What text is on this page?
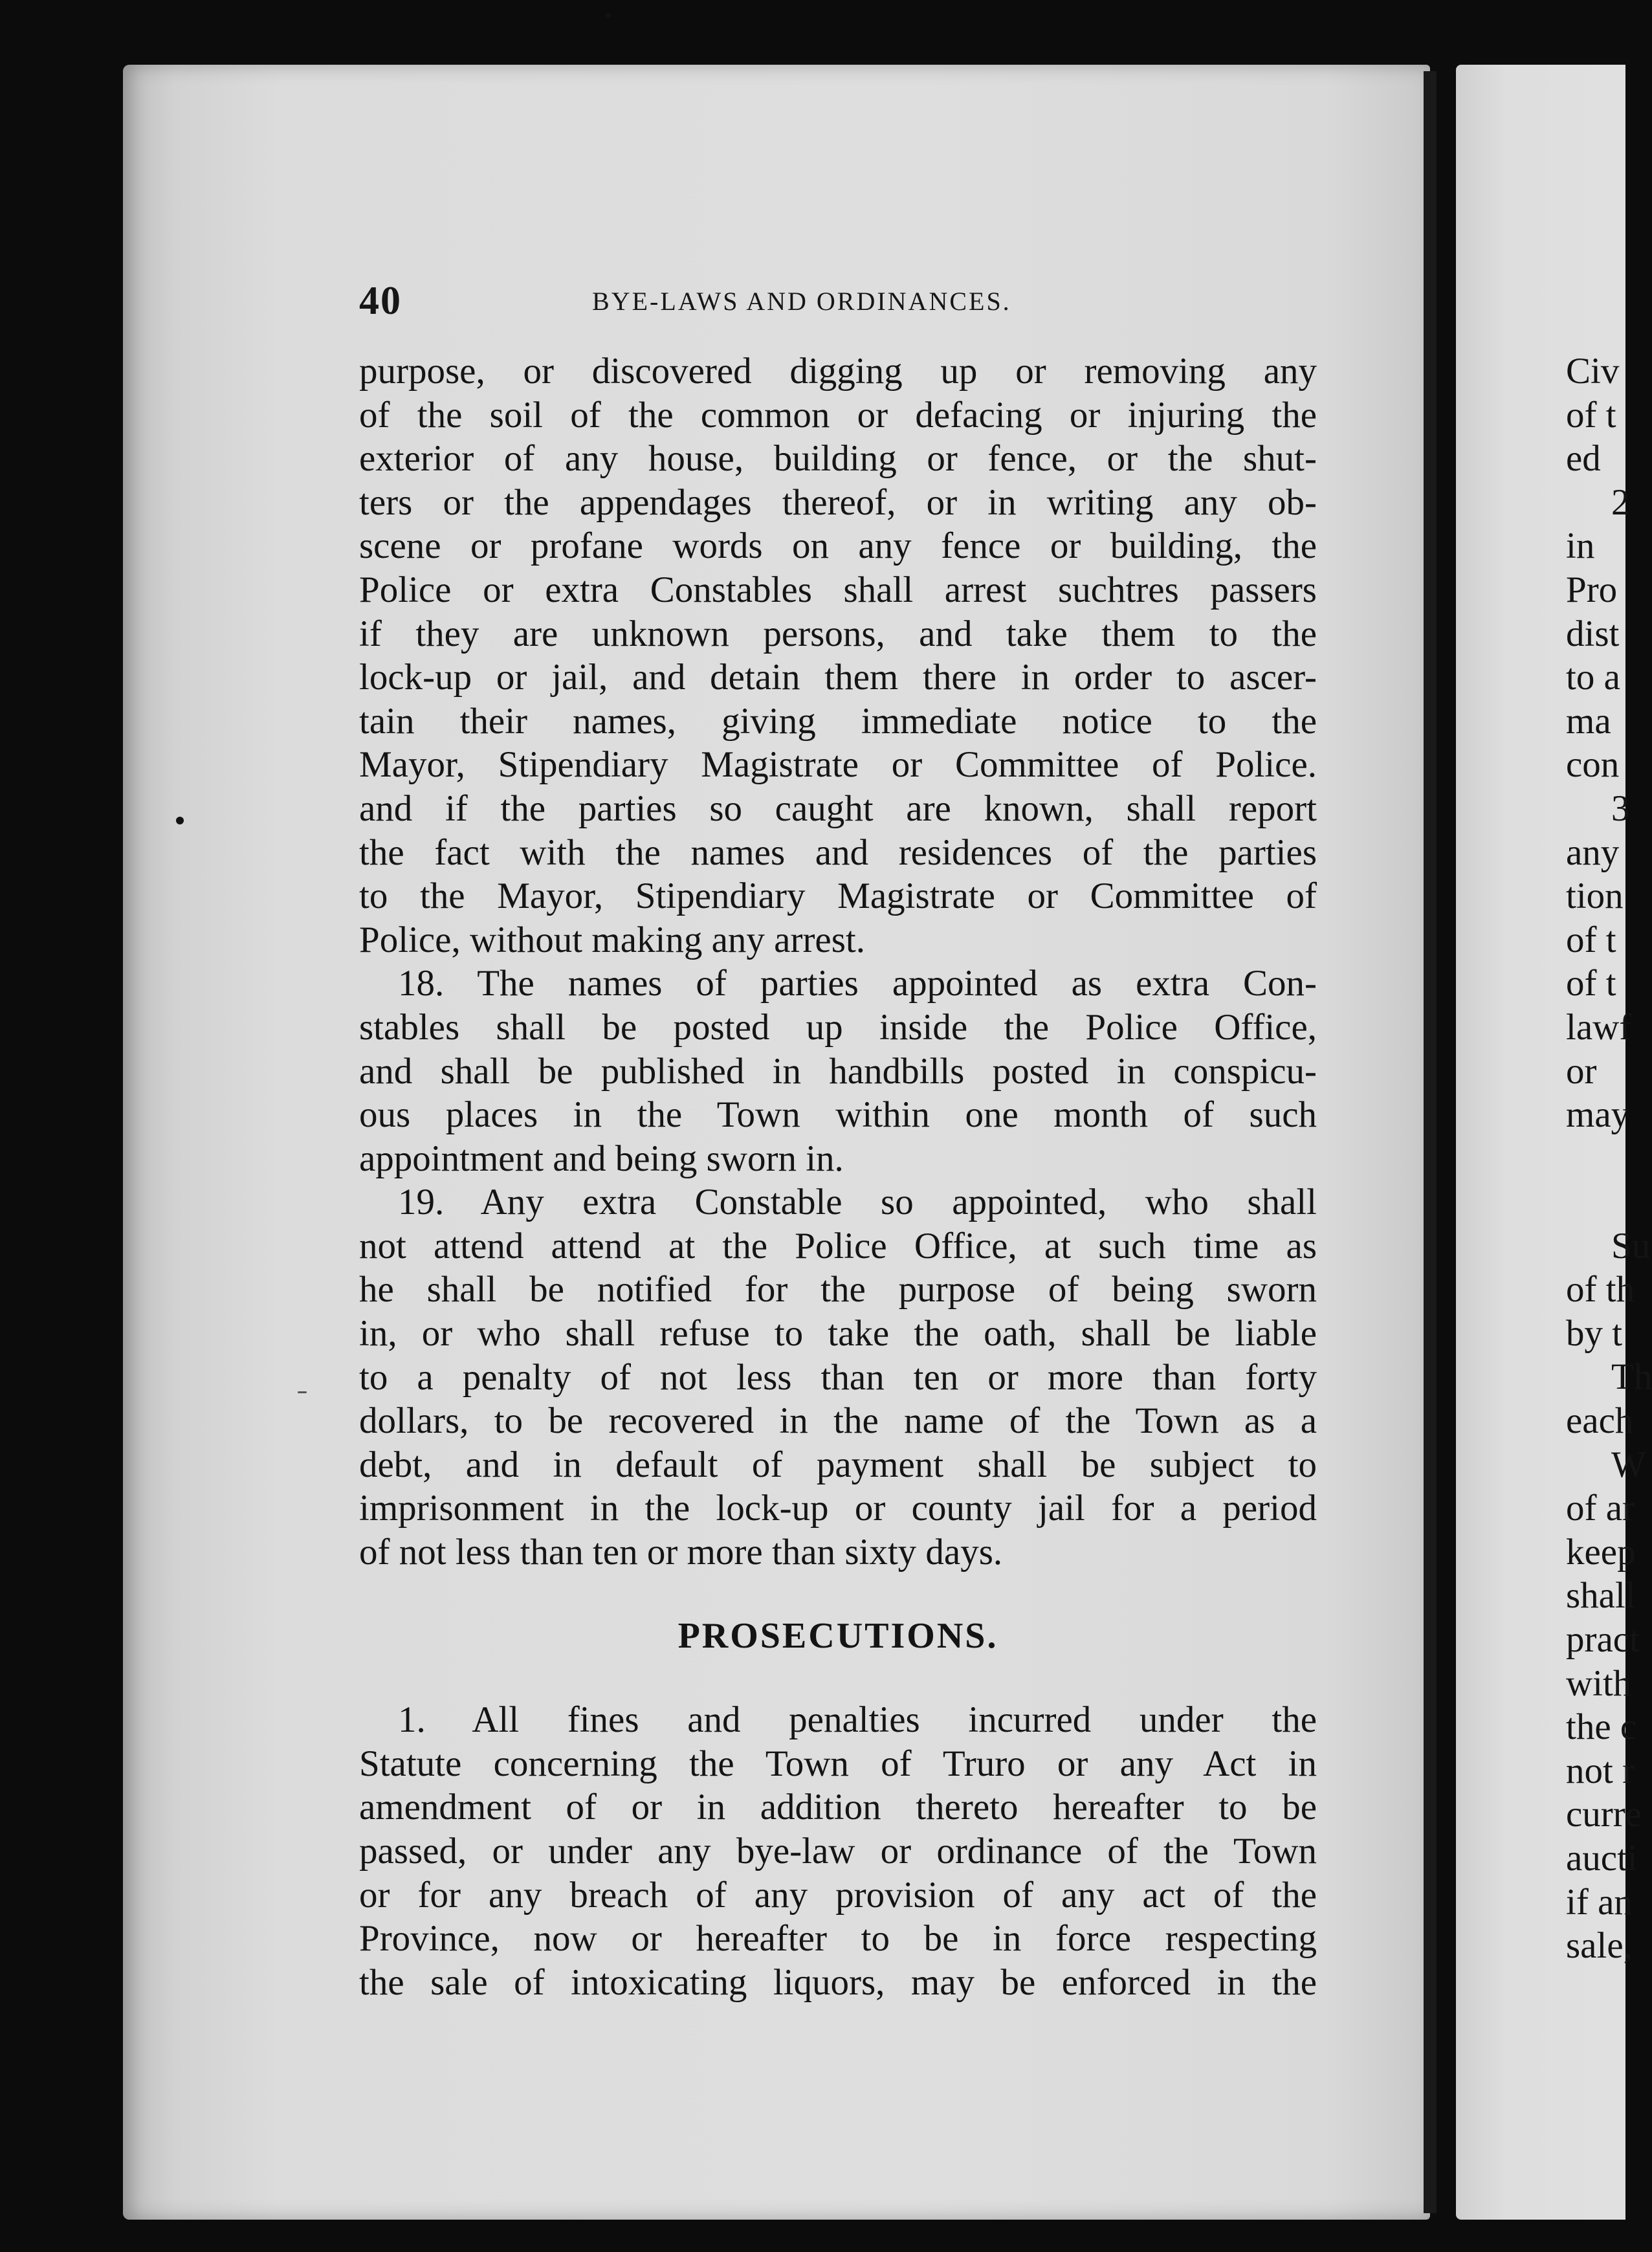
40	BYE-LAWS AND ORDINANCES.
purpose, or discovered digging up or removing any
of the soil of the common or defacing or injuring the
exterior of any house, building or fence, or the shut-
ters or the appendages thereof, or in writing any ob-
scene or profane words on any fence or building, the
Police or extra Constables shall arrest suchtres passers
if they are unknown persons, and take them to the
lock-up or jail, and detain them there in order to ascer-
tain their names, giving immediate notice to the
Mayor, Stipendiary Magistrate or Committee of Police.
and if the parties so caught are known, shall report
the fact with the names and residences of the parties
to the Mayor, Stipendiary Magistrate or Committee of
Police, without making any arrest.
18. The names of parties appointed as extra Con-
stables shall be posted up inside the Police Office,
and shall be published in handbills posted in conspicu-
ous places in the Town within one month of such
appointment and being sworn in.
19. Any extra Constable so appointed, who shall
not attend attend at the Police Office, at such time as
he shall be notified for the purpose of being sworn
in, or who shall refuse to take the oath, shall be liable
to a penalty of not less than ten or more than forty
dollars, to be recovered in the name of the Town as a
debt, and in default of payment shall be subject to
imprisonment in the lock-up or county jail for a period
of not less than ten or more than sixty days.
PROSECUTIONS.
1. All fines and penalties incurred under the
Statute concerning the Town of Truro or any Act in
amendment of or in addition thereto hereafter to be
passed, or under any bye-law or ordinance of the Town
or for any breach of any provision of any act of the
Province, now or hereafter to be in force respecting
the sale of intoxicating liquors, may be enforced in the
Civ
of t
ed
2
in
Pro
dist
to a
ma
con
3
any
tion
of t
of t
lawf
or
may
Su
of th
by t
Th
each
W
of ar
keep
shall
pract
with
the c
not r
curre
aucti
if an
sale,
